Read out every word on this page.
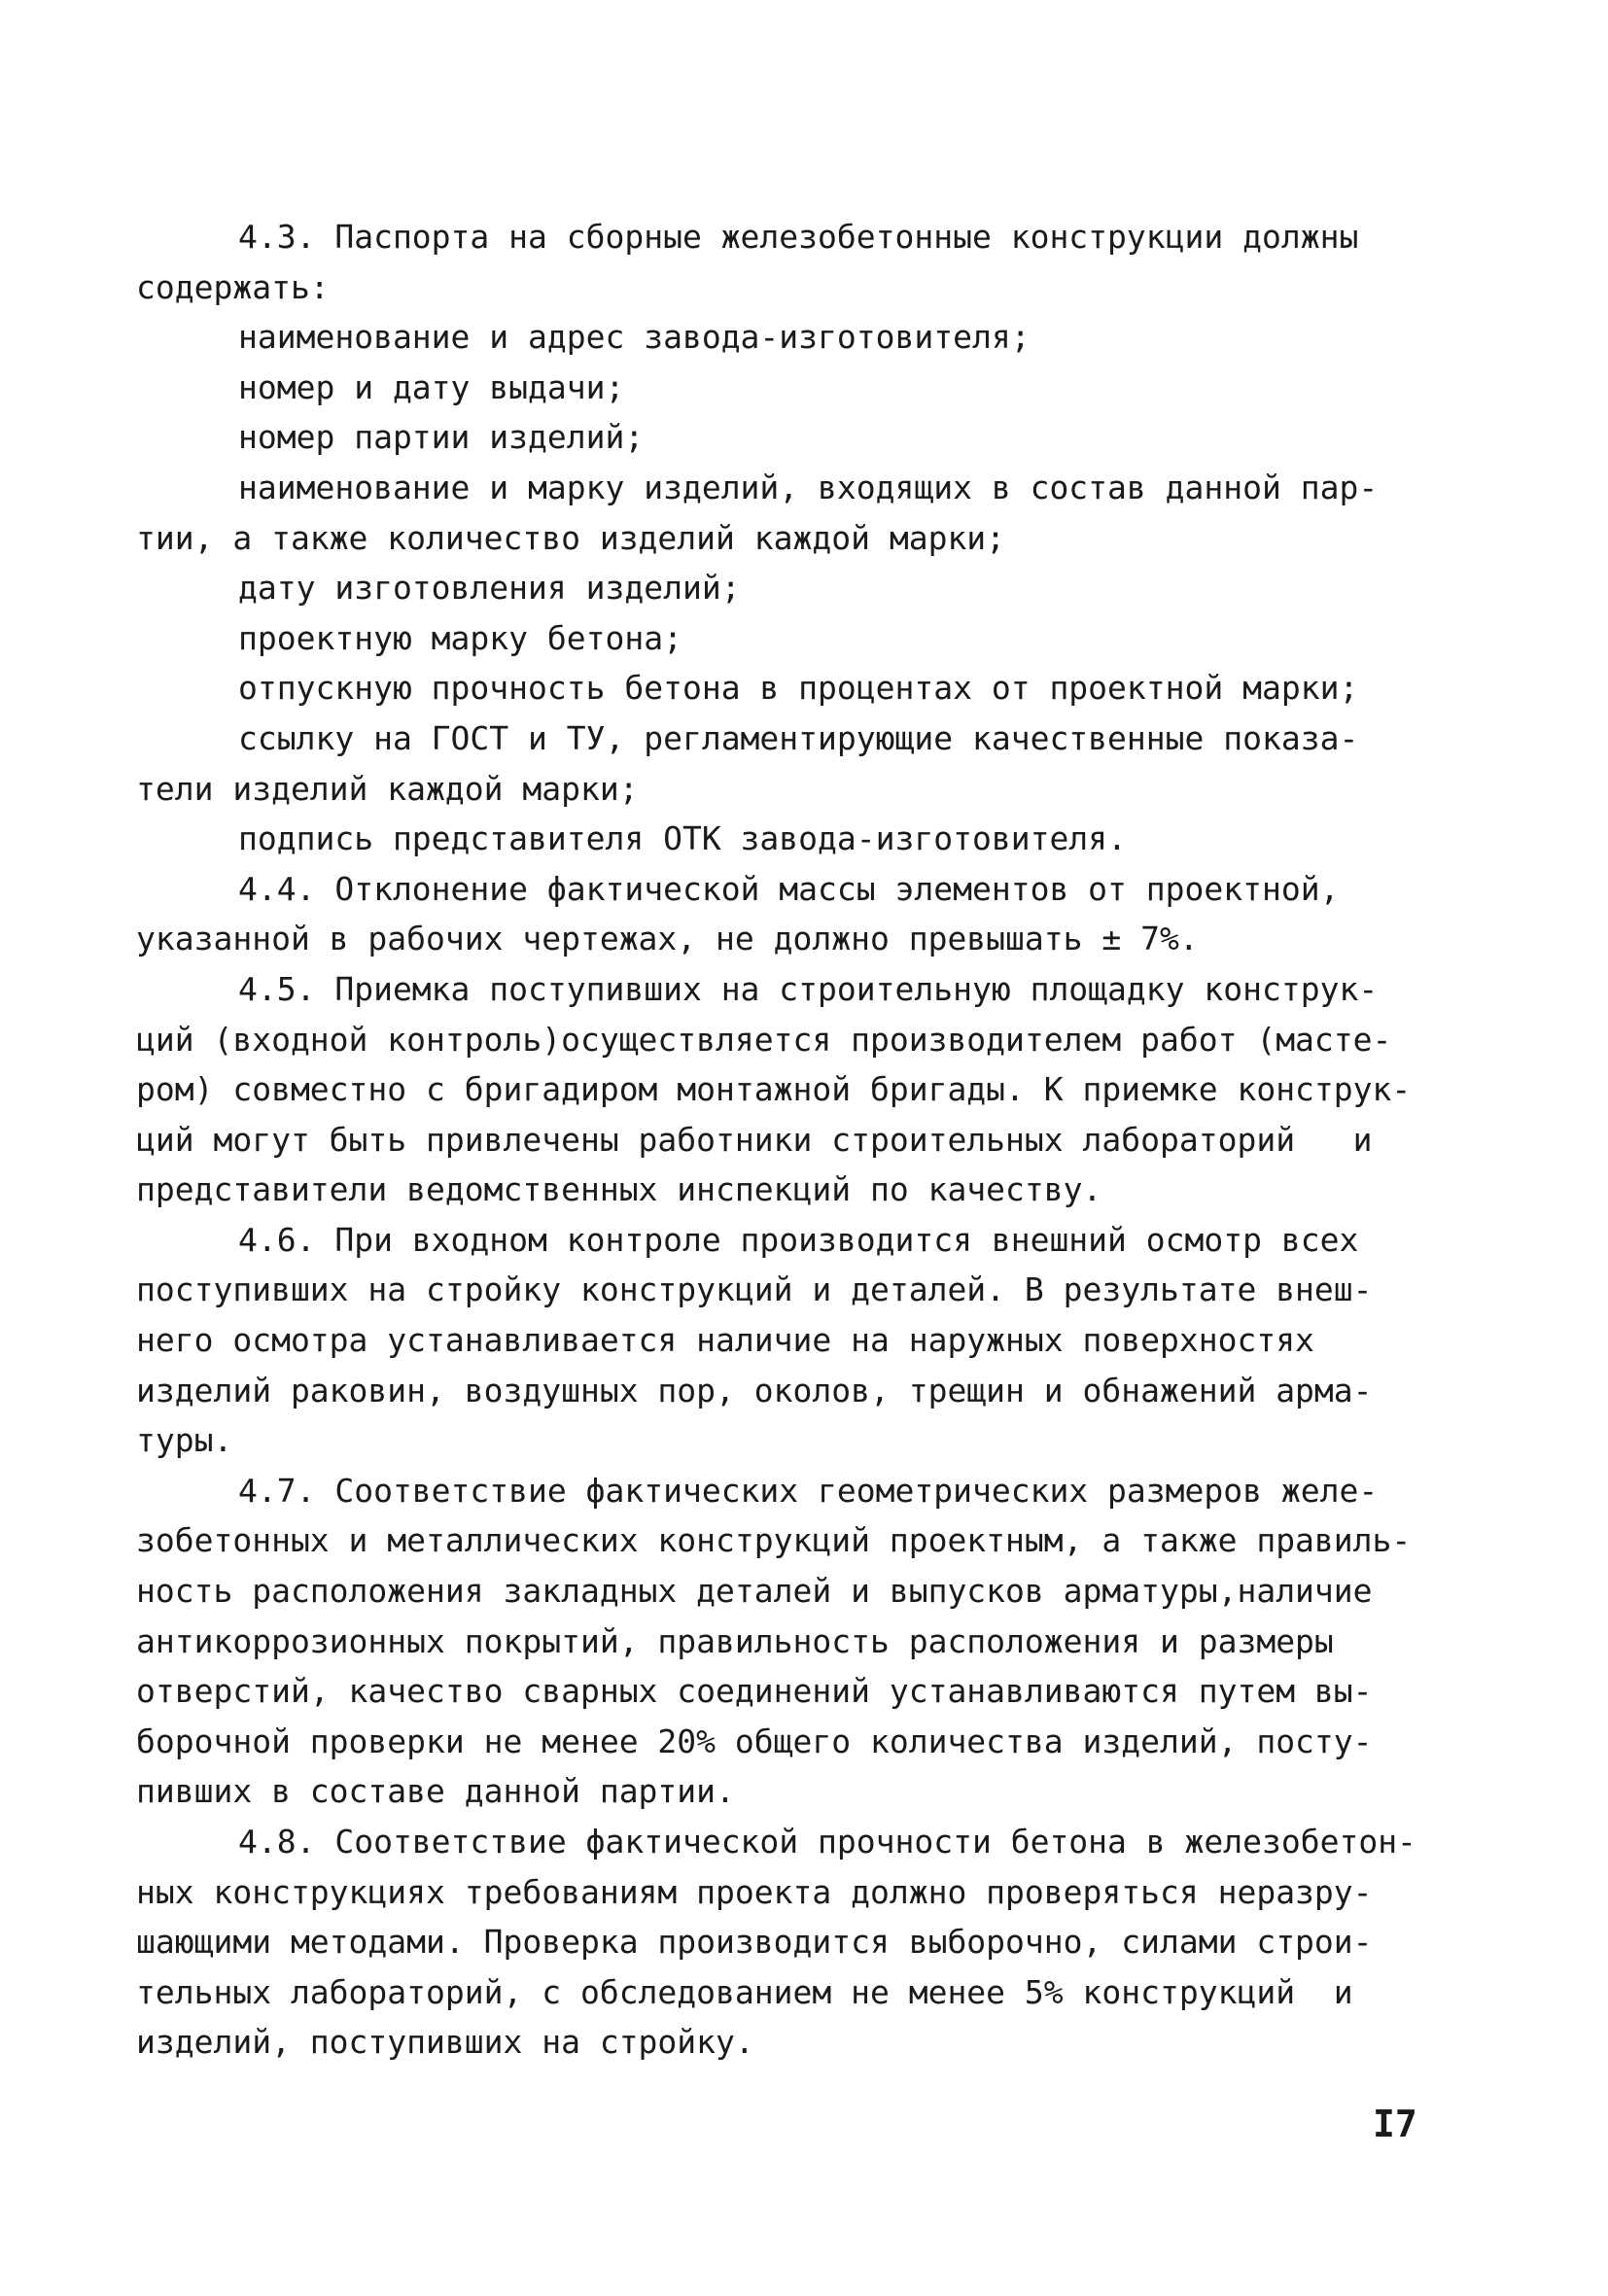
4.3. Паспорта на сборные железобетонные конструкции должны

содержать:

наименование и адрес завода-изготовителя;

номер и дату выдачи;

номер партии изделий;

наименование и марку изделий, входящих в состав данной пар-

тии, а также количество изделий каждой марки;

дату изготовления изделий;

проектную марку бетона;

отпускную прочность бетона в процентах от проектной марки;

ссылку на ГОСТ и ТУ, регламентирующие качественные показа-

тели изделий каждой марки;

подпись представителя ОТК завода-изготовителя.

4.4. Отклонение фактической массы элементов от проектной,

указанной в рабочих чертежах, не должно превышать ± 7%.

4.5. Приемка поступивших на строительную площадку конструк-

ций (входной контроль)осуществляется производителем работ (масте-

ром) совместно с бригадиром монтажной бригады. К приемке конструк-

ций могут быть привлечены работники строительных лабораторий   и

представители ведомственных инспекций по качеству.

4.6. При входном контроле производится внешний осмотр всех

поступивших на стройку конструкций и деталей. В результате внеш-

него осмотра устанавливается наличие на наружных поверхностях

изделий раковин, воздушных пор, околов, трещин и обнажений арма-

туры.

4.7. Соответствие фактических геометрических размеров желе-

зобетонных и металлических конструкций проектным, а также правиль-

ность расположения закладных деталей и выпусков арматуры,наличие

антикоррозионных покрытий, правильность расположения и размеры

отверстий, качество сварных соединений устанавливаются путем вы-

борочной проверки не менее 20% общего количества изделий, посту-

пивших в составе данной партии.

4.8. Соответствие фактической прочности бетона в железобетон-

ных конструкциях требованиям проекта должно проверяться неразру-

шающими методами. Проверка производится выборочно, силами строи-

тельных лабораторий, с обследованием не менее 5% конструкций  и

изделий, поступивших на стройку.

I7
